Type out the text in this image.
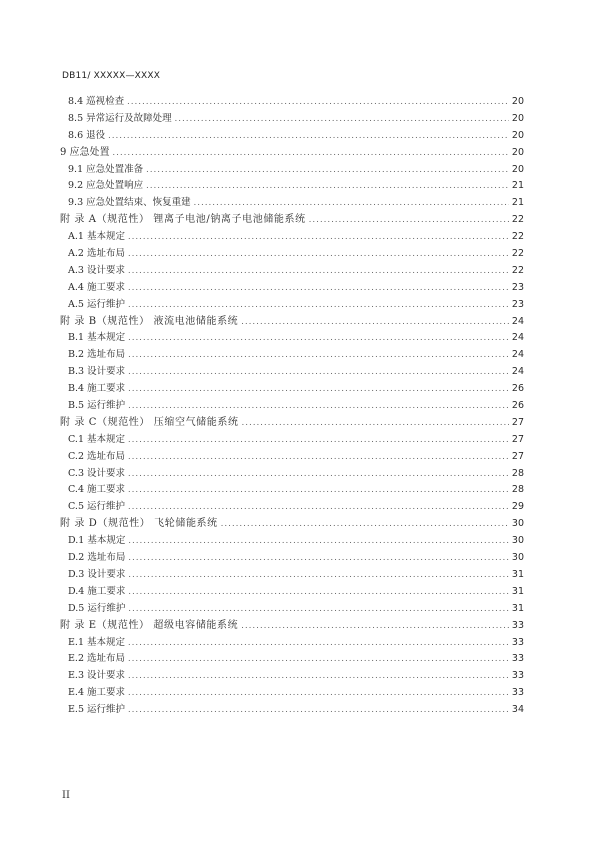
DB11/ XXXXX—XXXX
8.4 巡视检查 .....	20
8.5 异常运行及故障处理 .....	20
8.6 退役 .....	20
9 应急处置 .....	20
9.1 应急处置准备 .....	20
9.2 应急处置响应 .....	21
9.3 应急处置结束、恢复重建 .....	21
附 录 A（规范性） 锂离子电池/钠离子电池储能系统 .....	22
A.1 基本规定 .....	22
A.2 选址布局 .....	22
A.3 设计要求 .....	22
A.4 施工要求 .....	23
A.5 运行维护 .....	23
附 录 B（规范性） 液流电池储能系统 .....	24
B.1 基本规定 .....	24
B.2 选址布局 .....	24
B.3 设计要求 .....	24
B.4 施工要求 .....	26
B.5 运行维护 .....	26
附 录 C（规范性） 压缩空气储能系统 .....	27
C.1 基本规定 .....	27
C.2 选址布局 .....	27
C.3 设计要求 .....	28
C.4 施工要求 .....	28
C.5 运行维护 .....	29
附 录 D（规范性） 飞轮储能系统 .....	30
D.1 基本规定 .....	30
D.2 选址布局 .....	30
D.3 设计要求 .....	31
D.4 施工要求 .....	31
D.5 运行维护 .....	31
附 录 E（规范性） 超级电容储能系统 .....	33
E.1 基本规定 .....	33
E.2 选址布局 .....	33
E.3 设计要求 .....	33
E.4 施工要求 .....	33
E.5 运行维护 .....	34
II
